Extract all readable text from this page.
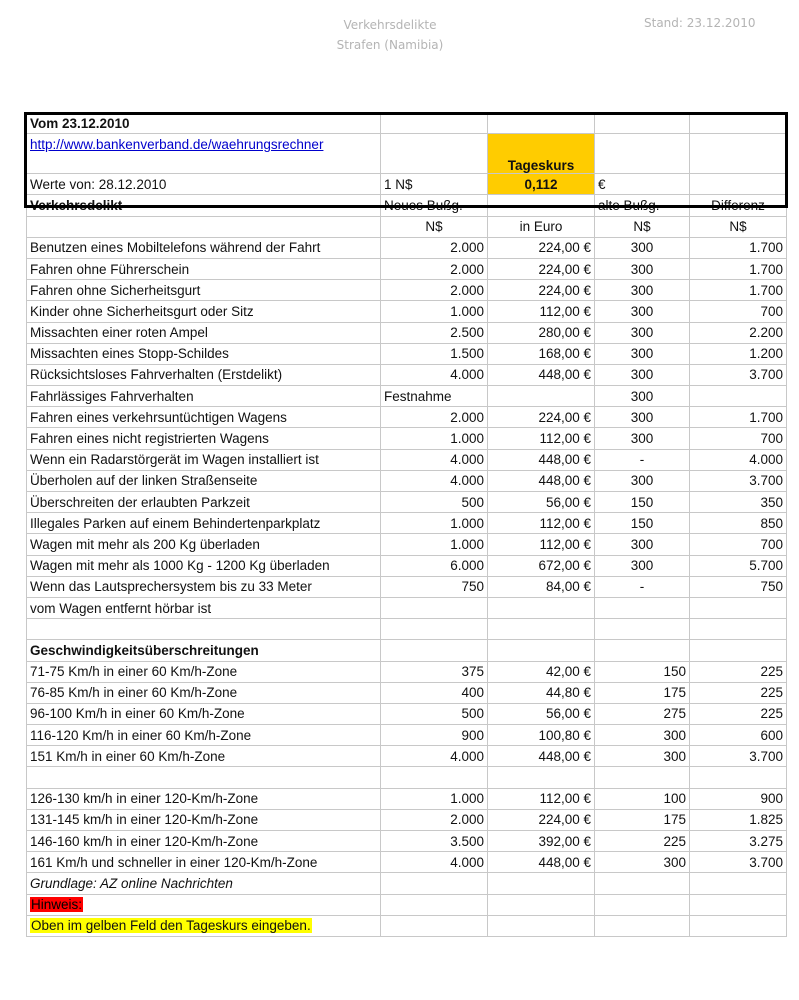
Verkehrsdelikte
Strafen (Namibia)
Stand: 23.12.2010
Vom 23.12.2010				
http://www.bankenverband.de/waehrungsrechner		Tageskurs		
Werte von: 28.12.2010	1 N$	0,112	€	
Verkehrsdelikt	Neues Bußg.		alte Bußg.	Differenz
	N$	in Euro	N$	N$
Benutzen eines Mobiltelefons während der Fahrt	2.000	224,00 €	300	1.700
Fahren ohne Führerschein	2.000	224,00 €	300	1.700
Fahren ohne Sicherheitsgurt	2.000	224,00 €	300	1.700
Kinder ohne Sicherheitsgurt oder Sitz	1.000	112,00 €	300	700
Missachten einer roten Ampel	2.500	280,00 €	300	2.200
Missachten eines Stopp-Schildes	1.500	168,00 €	300	1.200
Rücksichtsloses Fahrverhalten (Erstdelikt)	4.000	448,00 €	300	3.700
Fahrlässiges Fahrverhalten	Festnahme		300	
Fahren eines verkehrsuntüchtigen Wagens	2.000	224,00 €	300	1.700
Fahren eines nicht registrierten Wagens	1.000	112,00 €	300	700
Wenn ein Radarstörgerät im Wagen installiert ist	4.000	448,00 €	-	4.000
Überholen auf der linken Straßenseite	4.000	448,00 €	300	3.700
Überschreiten der erlaubten Parkzeit	500	56,00 €	150	350
Illegales Parken auf einem Behindertenparkplatz	1.000	112,00 €	150	850
Wagen mit mehr als 200 Kg überladen	1.000	112,00 €	300	700
Wagen mit mehr als 1000 Kg - 1200 Kg überladen	6.000	672,00 €	300	5.700
Wenn das Lautsprechersystem bis zu 33 Meter	750	84,00 €	-	750
vom Wagen entfernt hörbar ist				

Geschwindigkeitsüberschreitungen				
71-75 Km/h in einer 60 Km/h-Zone	375	42,00 €	150	225
76-85 Km/h in einer 60 Km/h-Zone	400	44,80 €	175	225
96-100 Km/h in einer 60 Km/h-Zone	500	56,00 €	275	225
116-120 Km/h in einer 60 Km/h-Zone	900	100,80 €	300	600
151 Km/h in einer 60 Km/h-Zone	4.000	448,00 €	300	3.700

126-130 km/h in einer 120-Km/h-Zone	1.000	112,00 €	100	900
131-145 km/h in einer 120-Km/h-Zone	2.000	224,00 €	175	1.825
146-160 km/h in einer 120-Km/h-Zone	3.500	392,00 €	225	3.275
161 Km/h und schneller in einer 120-Km/h-Zone	4.000	448,00 €	300	3.700
Grundlage: AZ online Nachrichten				
Hinweis:				
Oben im gelben Feld den Tageskurs eingeben.				
